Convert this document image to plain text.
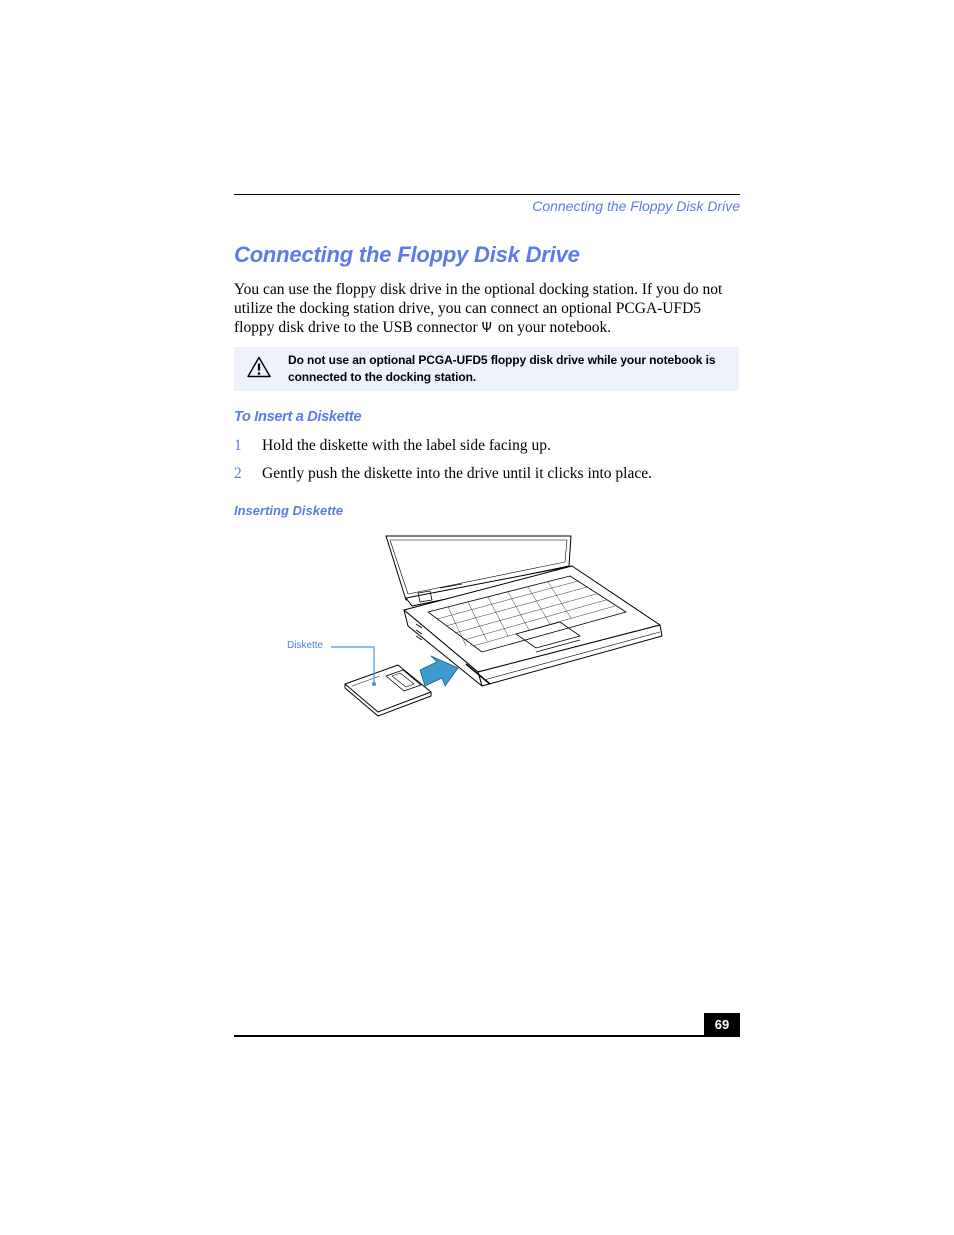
Connecting the Floppy Disk Drive
Connecting the Floppy Disk Drive

You can use the floppy disk drive in the optional docking station. If you do not utilize the docking station drive, you can connect an optional PCGA-UFD5 floppy disk drive to the USB connector Ψ on your notebook.

Do not use an optional PCGA-UFD5 floppy disk drive while your notebook is connected to the docking station.

To Insert a Diskette
1 Hold the diskette with the label side facing up.
2 Gently push the diskette into the drive until it clicks into place.

Inserting Diskette

Diskette
69
